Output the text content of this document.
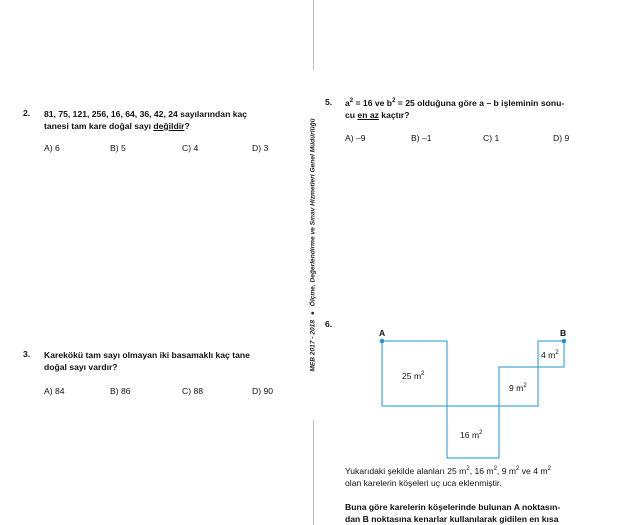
2. 81, 75, 121, 256, 16, 64, 36, 42, 24 sayılarından kaç
tanesi tam kare doğal sayı değildir?
A) 6	B) 5	C) 4	D) 3
3. Karekökü tam sayı olmayan iki basamaklı kaç tane
doğal sayı vardır?
A) 84	B) 86	C) 88	D) 90
MEB 2017 - 2018 ● Ölçme, Değerlendirme ve Sınav Hizmetleri Genel Müdürlüğü
5. $a^2 = 16$ ve $b^2 = 25$ olduğuna göre a – b işleminin sonu-
cu en az kaçtır?
A) –9	B) –1	C) 1	D) 9
6.
A	B
25 $m^2$
16 $m^2$
9 $m^2$
4 $m^2$
Yukarıdaki şekilde alanları 25 $m^2$, 16 $m^2$, 9 $m^2$ ve 4 $m^2$
olan karelerin köşeleri uç uca eklenmiştir.
Buna göre karelerin köşelerinde bulunan A noktasın-
dan B noktasına kenarlar kullanılarak gidilen en kısa
